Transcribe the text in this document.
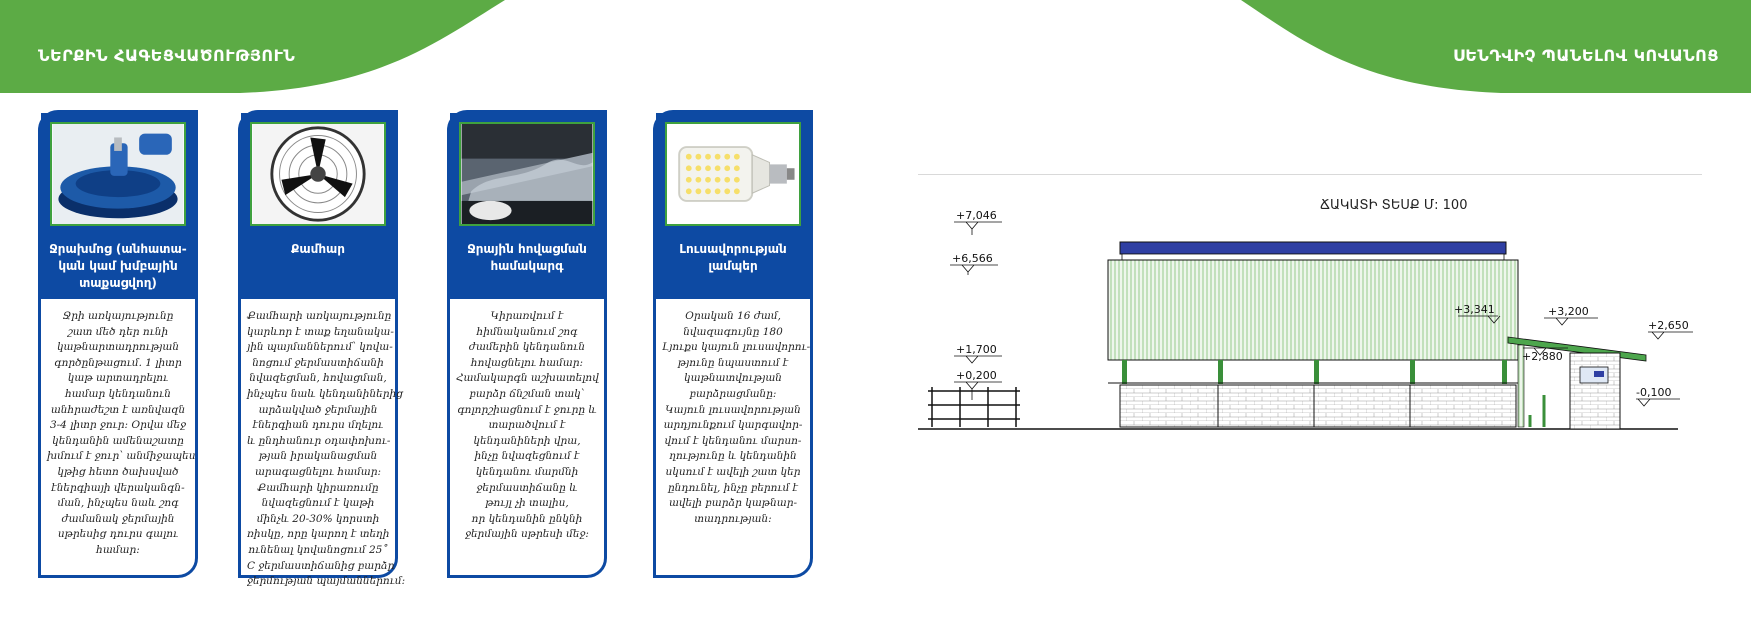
ՆԵՐՔԻՆ ՀԱԳԵՑՎԱԾՈՒԹՅՈՒՆ	ՍԵՆԴՎԻՉ ՊԱՆԵԼՈՎ ԿՈՎԱՆՈՑ
Ջրախմոց (անհատա-
կան կամ խմբային
տաքացվող)
Ջրի առկայությունը
շատ մեծ դեր ունի
կաթնարտադրության
գործընթացում. 1 լիտր
կաթ արտադրելու
համար կենդանուն
անհրաժեշտ է առնվազն
3-4 լիտր ջուր: Օրվա մեջ
կենդանին ամենաշատը
խմում է ջուր՝ անմիջապես
կթից հետո ծախսված
էներգիայի վերականգն-
ման, ինչպես նաև շոգ
ժամանակ ջերմային
սթրեսից դուրս գալու
համար:
Քամհար
Քամհարի առկայությունը
կարևոր է տաք եղանակա-
յին պայմաններում՝ կովա-
նոցում ջերմաստիճանի
նվազեցման, հովացման,
ինչպես նաև կենդանիներից
արձակված ջերմային
էներգիան դուրս մղելու
և ընդհանուր օդափոխու-
թյան իրականացման
արագացնելու համար:
Քամհարի կիրառումը
նվազեցնում է կաթի
մինչև 20-30% կորստի
ռիսկը, որը կարող է տեղի
ունենալ կովանոցում 25˚
C ջերմաստիճանից բարձր
ջերմության պայմաններում:
Ջրային հովացման
համակարգ
Կիրառվում է
հիմնականում շոգ
ժամերին կենդանուն
հովացնելու համար:
Համակարգն աշխատելով
բարձր ճնշման տակ՝
գոլորշիացնում է ջուրը և
տարածվում է
կենդանիների վրա,
ինչը նվազեցնում է
կենդանու մարմնի
ջերմաստիճանը և
թույլ չի տալիս,
որ կենդանին ընկնի
ջերմային սթրեսի մեջ:
Լուսավորության
լամպեր
Օրական 16 ժամ,
նվազագույնը 180
Լյուքս կայուն լուսավորու-
թյունը նպաստում է
կաթնատվության
բարձրացմանը:
Կայուն լուսավորության
արդյունքում կարգավոր-
վում է կենդանու մարսո-
ղությունը և կենդանին
սկսում է ավելի շատ կեր
ընդունել, ինչը բերում է
ավելի բարձր կաթնար-
տադրության:
ՃԱԿԱՏԻ ՏԵՍՔ Մ: 100
+7,046
+6,566
+1,700
+0,200
+3,341	+3,200
+2,880
+2,650
-0,100
